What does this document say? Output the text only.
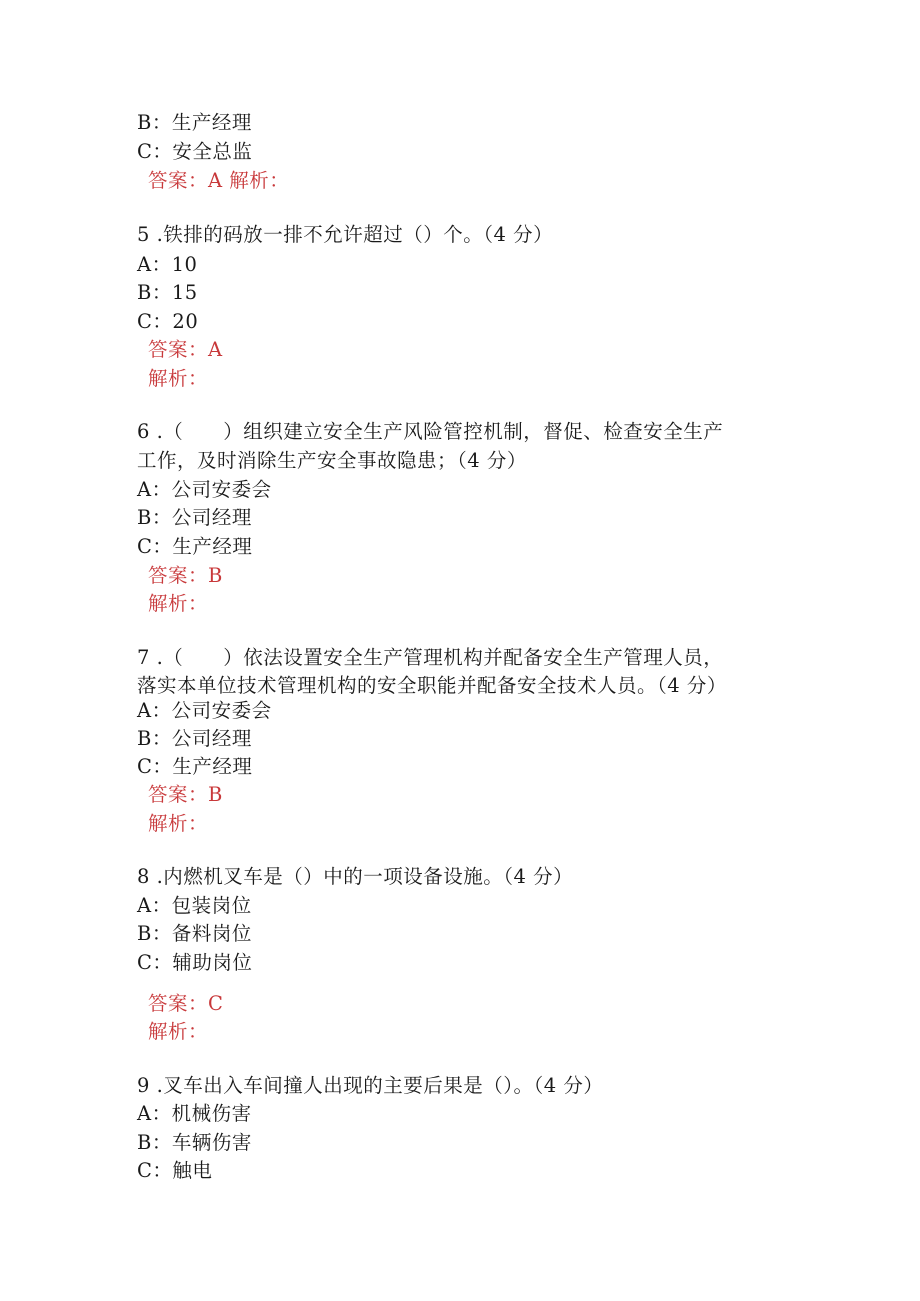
B：生产经理
C：安全总监
答案：A 解析：
5 .铁排的码放一排不允许超过（）个。（4 分）
A：10
B：15
C：20
答案：A
解析：
6 .（　　）组织建立安全生产风险管控机制，督促、检查安全生产
工作，及时消除生产安全事故隐患；（4 分）
A：公司安委会
B：公司经理
C：生产经理
答案：B
解析：
7 .（　　）依法设置安全生产管理机构并配备安全生产管理人员，
落实本单位技术管理机构的安全职能并配备安全技术人员。（4 分）
A：公司安委会
B：公司经理
C：生产经理
答案：B
解析：
8 .内燃机叉车是（）中的一项设备设施。（4 分）
A：包装岗位
B：备料岗位
C：辅助岗位
答案：C
解析：
9 .叉车出入车间撞人出现的主要后果是（）。（4 分）
A：机械伤害
B：车辆伤害
C：触电
